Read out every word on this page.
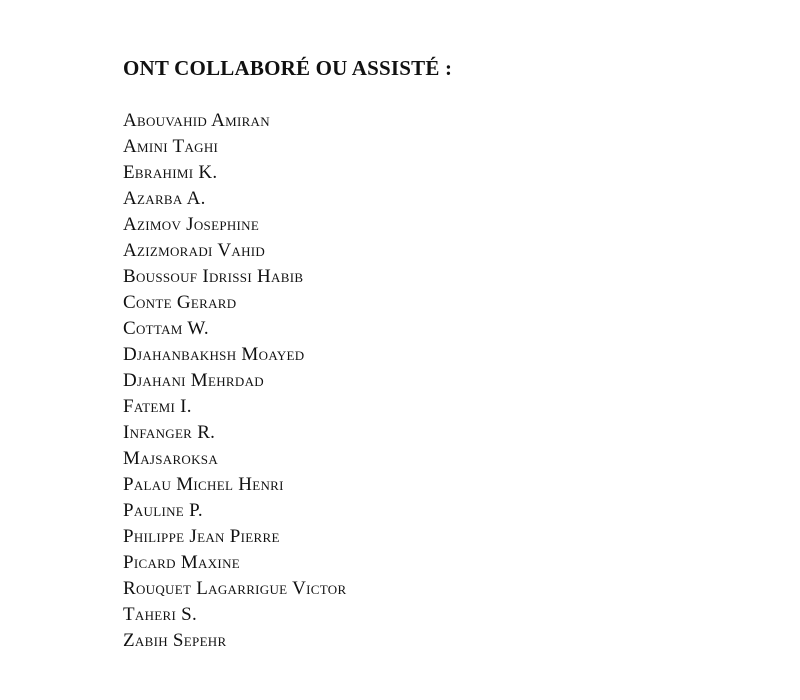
ONT COLLABORÉ OU ASSISTÉ :
Abouvahid Amiran
Amini Taghi
Ebrahimi K.
Azarba A.
Azimov Josephine
Azizmoradi Vahid
Boussouf Idrissi Habib
Conte Gerard
Cottam W.
Djahanbakhsh Moayed
Djahani Mehrdad
Fatemi I.
Infanger R.
Majsaroksa
Palau Michel Henri
Pauline P.
Philippe Jean Pierre
Picard Maxine
Rouquet Lagarrigue Victor
Taheri S.
Zabih Sepehr
